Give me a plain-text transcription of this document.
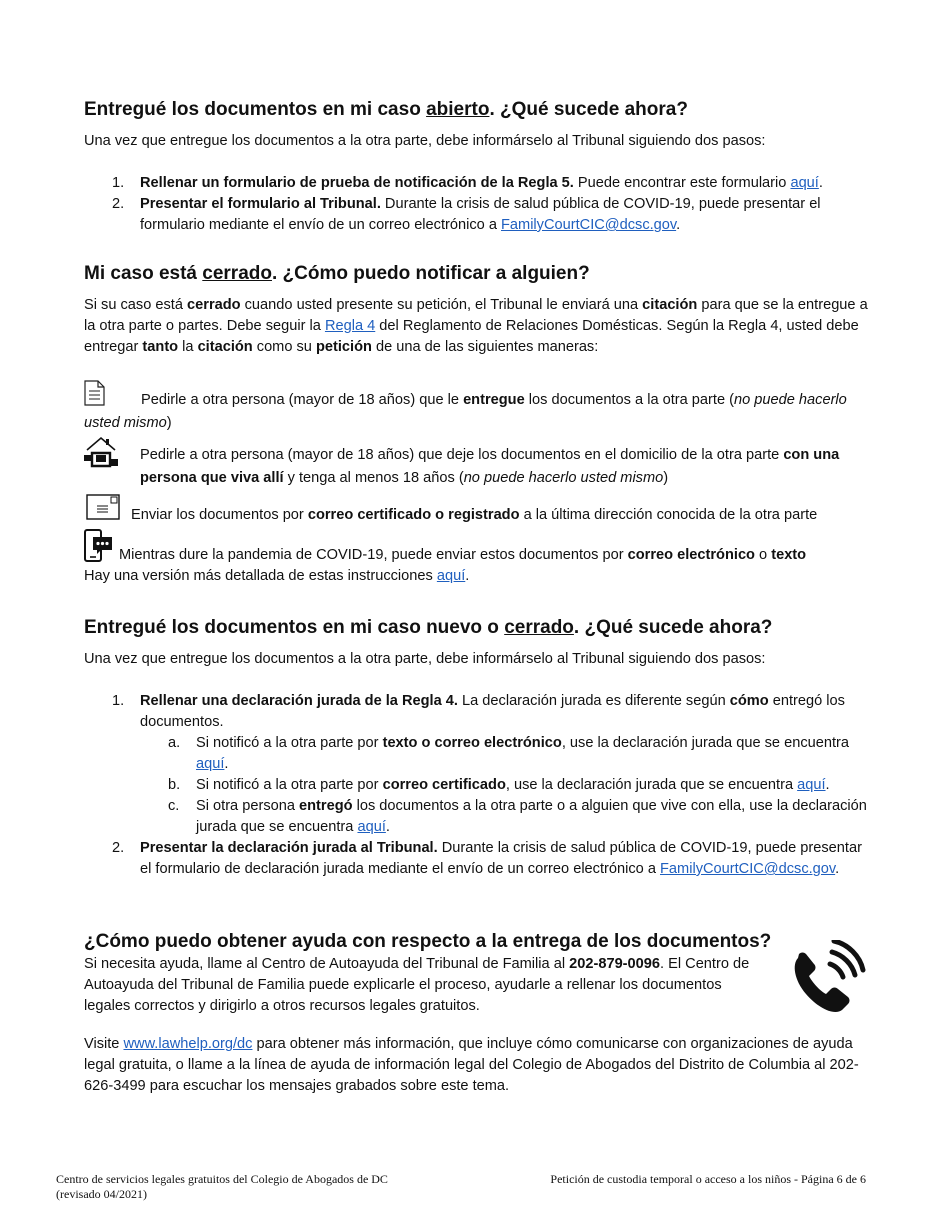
Entregué los documentos en mi caso abierto. ¿Qué sucede ahora?

Una vez que entregue los documentos a la otra parte, debe informárselo al Tribunal siguiendo dos pasos:

1. Rellenar un formulario de prueba de notificación de la Regla 5. Puede encontrar este formulario aquí.
2. Presentar el formulario al Tribunal. Durante la crisis de salud pública de COVID-19, puede presentar el formulario mediante el envío de un correo electrónico a FamilyCourtCIC@dcsc.gov.
Mi caso está cerrado. ¿Cómo puedo notificar a alguien?

Si su caso está cerrado cuando usted presente su petición, el Tribunal le enviará una citación para que se la entregue a la otra parte o partes. Debe seguir la Regla 4 del Reglamento de Relaciones Domésticas. Según la Regla 4, usted debe entregar tanto la citación como su petición de una de las siguientes maneras:

Pedirle a otra persona (mayor de 18 años) que le entregue los documentos a la otra parte (no puede hacerlo usted mismo)
Pedirle a otra persona (mayor de 18 años) que deje los documentos en el domicilio de la otra parte con una persona que viva allí y tenga al menos 18 años (no puede hacerlo usted mismo)
Enviar los documentos por correo certificado o registrado a la última dirección conocida de la otra parte
Mientras dure la pandemia de COVID-19, puede enviar estos documentos por correo electrónico o texto

Hay una versión más detallada de estas instrucciones aquí.

Entregué los documentos en mi caso nuevo o cerrado. ¿Qué sucede ahora?

Una vez que entregue los documentos a la otra parte, debe informárselo al Tribunal siguiendo dos pasos:

1. Rellenar una declaración jurada de la Regla 4. La declaración jurada es diferente según cómo entregó los documentos.
a. Si notificó a la otra parte por texto o correo electrónico, use la declaración jurada que se encuentra aquí.
b. Si notificó a la otra parte por correo certificado, use la declaración jurada que se encuentra aquí.
c. Si otra persona entregó los documentos a la otra parte o a alguien que vive con ella, use la declaración jurada que se encuentra aquí.
2. Presentar la declaración jurada al Tribunal. Durante la crisis de salud pública de COVID-19, puede presentar el formulario de declaración jurada mediante el envío de un correo electrónico a FamilyCourtCIC@dcsc.gov.
¿Cómo puedo obtener ayuda con respecto a la entrega de los documentos?

Si necesita ayuda, llame al Centro de Autoayuda del Tribunal de Familia al 202-879-0096. El Centro de Autoayuda del Tribunal de Familia puede explicarle el proceso, ayudarle a rellenar los documentos legales correctos y dirigirlo a otros recursos legales gratuitos.

Visite www.lawhelp.org/dc para obtener más información, que incluye cómo comunicarse con organizaciones de ayuda legal gratuita, o llame a la línea de ayuda de información legal del Colegio de Abogados del Distrito de Columbia al 202-626-3499 para escuchar los mensajes grabados sobre este tema.

Centro de servicios legales gratuitos del Colegio de Abogados de DC
(revisado 04/2021)
Petición de custodia temporal o acceso a los niños - Página 6 de 6
